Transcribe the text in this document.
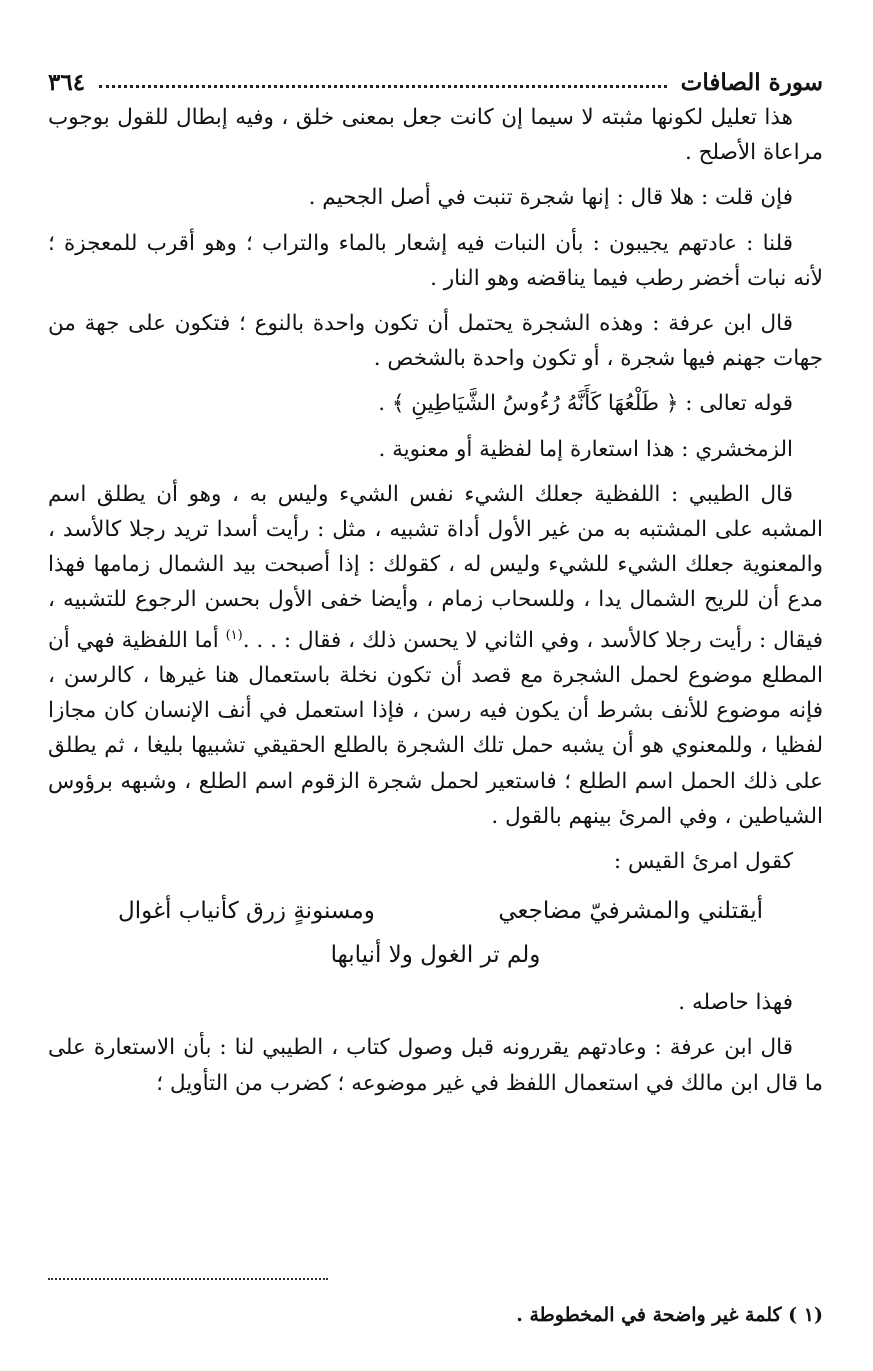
سورة الصافات
٣٦٤

هذا تعليل لكونها مثبته لا سيما إن كانت جعل بمعنى خلق ، وفيه إبطال للقول بوجوب مراعاة الأصلح .

فإن قلت : هلا قال : إنها شجرة تنبت في أصل الجحيم .

قلنا : عادتهم يجيبون : بأن النبات فيه إشعار بالماء والتراب ؛ وهو أقرب للمعجزة ؛ لأنه نبات أخضر رطب فيما يناقضه وهو النار .

قال ابن عرفة : وهذه الشجرة يحتمل أن تكون واحدة بالنوع ؛ فتكون على جهة من جهات جهنم فيها شجرة ، أو تكون واحدة بالشخص .

قوله تعالى : ﴿ طَلْعُهَا كَأَنَّهُ رُءُوسُ الشَّيَاطِينِ ﴾ .

الزمخشري : هذا استعارة إما لفظية أو معنوية .

قال الطيبي : اللفظية جعلك الشيء نفس الشيء وليس به ، وهو أن يطلق اسم المشبه على المشتبه به من غير الأول أداة تشبيه ، مثل : رأيت أسدا تريد رجلا كالأسد ، والمعنوية جعلك الشيء للشيء وليس له ، كقولك : إذا أصبحت بيد الشمال زمامها فهذا مدع أن للريح الشمال يدا ، وللسحاب زمام ، وأيضا خفى الأول بحسن الرجوع للتشبيه ، فيقال : رأيت رجلا كالأسد ، وفي الثاني لا يحسن ذلك ، فقال : . . .$^{(١)}$ أما اللفظية فهي أن المطلع موضوع لحمل الشجرة مع قصد أن تكون نخلة باستعمال هنا غيرها ، كالرسن ، فإنه موضوع للأنف بشرط أن يكون فيه رسن ، فإذا استعمل في أنف الإنسان كان مجازا لفظيا ، وللمعنوي هو أن يشبه حمل تلك الشجرة بالطلع الحقيقي تشبيها بليغا ، ثم يطلق على ذلك الحمل اسم الطلع ؛ فاستعير لحمل شجرة الزقوم اسم الطلع ، وشبهه برؤوس الشياطين ، وفي المرئ بينهم بالقول .

كقول امرئ القيس :

أيقتلني والمشرفيّ مضاجعي
ومسنونةٍ زرق كأنياب أغوال
ولم تر الغول ولا أنيابها

فهذا حاصله .

قال ابن عرفة : وعادتهم يقررونه قبل وصول كتاب ، الطيبي لنا : بأن الاستعارة على ما قال ابن مالك في استعمال اللفظ في غير موضوعه ؛ كضرب من التأويل ؛

(١ ) كلمة غير واضحة في المخطوطة .
